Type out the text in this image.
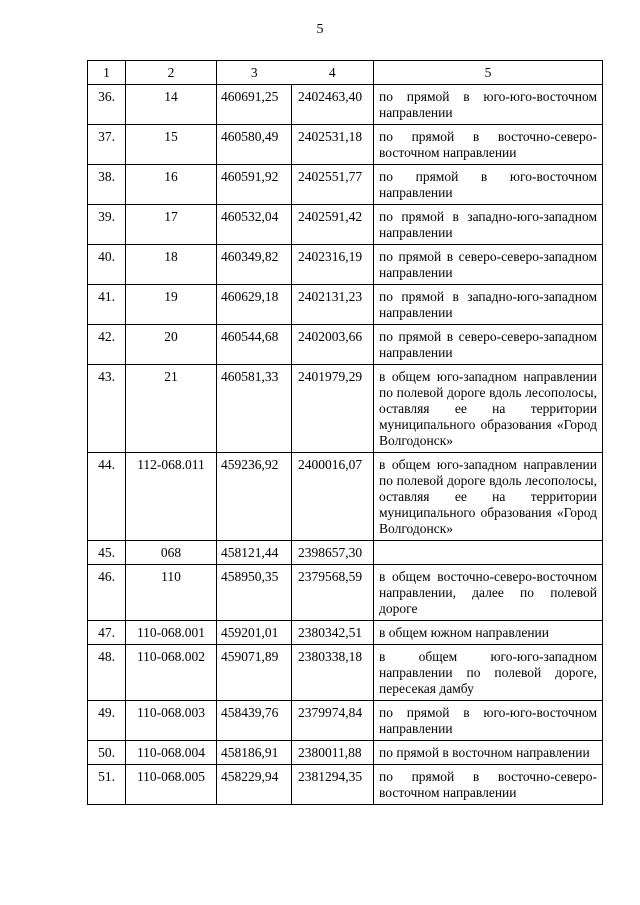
5
1	2	3	4	5
36.	14	460691,25	2402463,40	по прямой в юго-юго-восточном направлении
37.	15	460580,49	2402531,18	по прямой в восточно-северо-восточном направлении
38.	16	460591,92	2402551,77	по прямой в юго-восточном направлении
39.	17	460532,04	2402591,42	по прямой в западно-юго-западном направлении
40.	18	460349,82	2402316,19	по прямой в северо-северо-западном направлении
41.	19	460629,18	2402131,23	по прямой в западно-юго-западном направлении
42.	20	460544,68	2402003,66	по прямой в северо-северо-западном направлении
43.	21	460581,33	2401979,29	в общем юго-западном направлении по полевой дороге вдоль лесополосы, оставляя ее на территории муниципального образования «Город Волгодонск»
44.	112-068.011	459236,92	2400016,07	в общем юго-западном направлении по полевой дороге вдоль лесополосы, оставляя ее на территории муниципального образования «Город Волгодонск»
45.	068	458121,44	2398657,30	
46.	110	458950,35	2379568,59	в общем восточно-северо-восточном направлении, далее по полевой дороге
47.	110-068.001	459201,01	2380342,51	в общем южном направлении
48.	110-068.002	459071,89	2380338,18	в общем юго-юго-западном направлении по полевой дороге, пересекая дамбу
49.	110-068.003	458439,76	2379974,84	по прямой в юго-юго-восточном направлении
50.	110-068.004	458186,91	2380011,88	по прямой в восточном направлении
51.	110-068.005	458229,94	2381294,35	по прямой в восточно-северо-восточном направлении
